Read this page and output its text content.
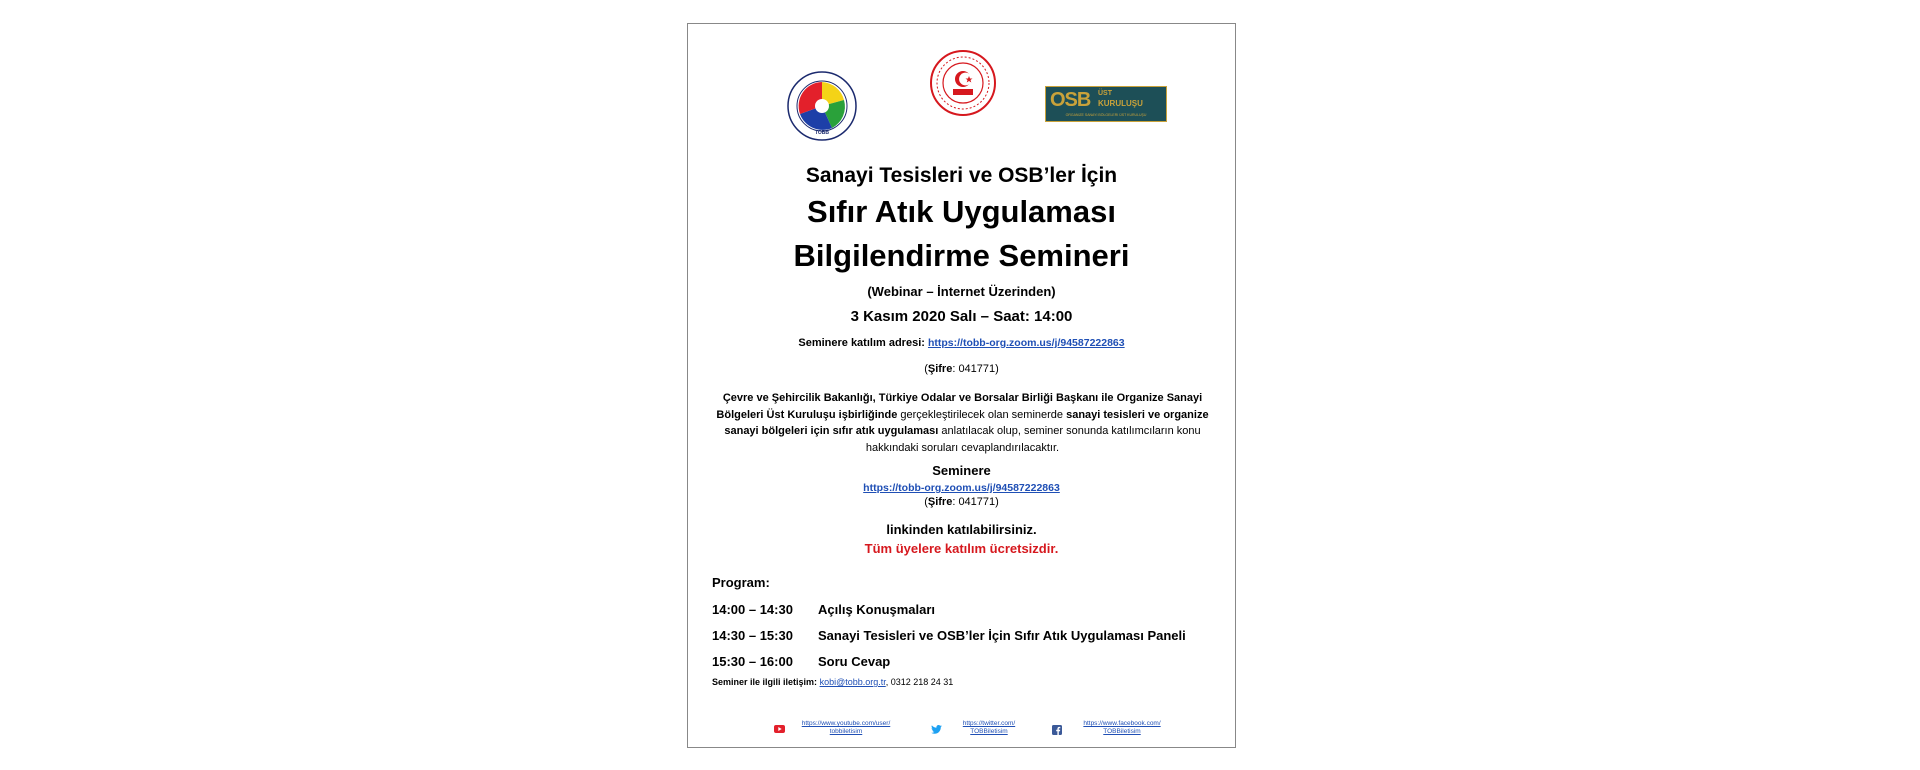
TOBB
OSB ÜST
KURULUŞU
ORGANİZE SANAYİ BÖLGELERİ ÜST KURULUŞU
Sanayi Tesisleri ve OSB’ler İçin
Sıfır Atık Uygulaması
Bilgilendirme Semineri
(Webinar – İnternet Üzerinden)
3 Kasım 2020 Salı – Saat: 14:00
Seminere katılım adresi: https://tobb-org.zoom.us/j/94587222863
(Şifre: 041771)
Çevre ve Şehircilik Bakanlığı, Türkiye Odalar ve Borsalar Birliği Başkanı ile Organize Sanayi Bölgeleri Üst Kuruluşu işbirliğinde gerçekleştirilecek olan seminerde sanayi tesisleri ve organize sanayi bölgeleri için sıfır atık uygulaması anlatılacak olup, seminer sonunda katılımcıların konu hakkındaki soruları cevaplandırılacaktır.
Seminere
https://tobb-org.zoom.us/j/94587222863
(Şifre: 041771)
linkinden katılabilirsiniz.
Tüm üyelere katılım ücretsizdir.
Program:
14:00 – 14:30 Açılış Konuşmaları
14:30 – 15:30 Sanayi Tesisleri ve OSB’ler İçin Sıfır Atık Uygulaması Paneli
15:30 – 16:00 Soru Cevap
Seminer ile ilgili iletişim: kobi@tobb.org.tr, 0312 218 24 31
https://www.youtube.com/user/
tobbiletisim
https://twitter.com/
TOBBiletisim
https://www.facebook.com/
TOBBiletisim
